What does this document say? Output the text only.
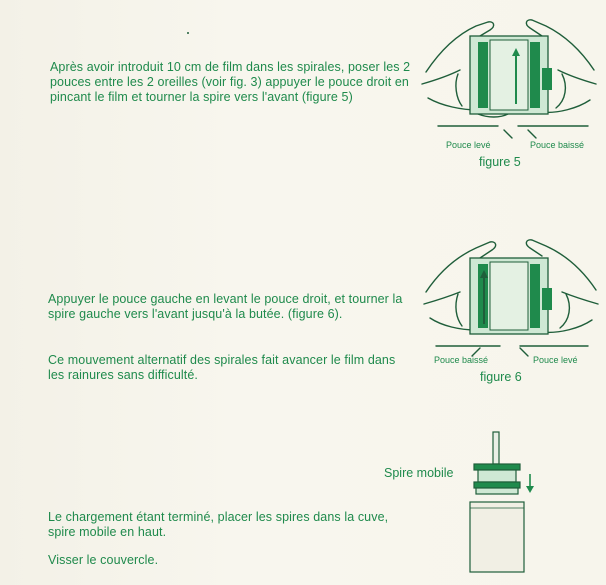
Après avoir introduit 10 cm de film dans les spirales, poser les 2 pouces entre les 2 oreilles (voir fig. 3) appuyer le pouce droit en pincant le film et tourner la spire vers l'avant (figure 5)
Appuyer le pouce gauche en levant le pouce droit, et tourner la spire gauche vers l'avant jusqu'à la butée. (figure 6).
Ce mouvement alternatif des spirales fait avancer le film dans les rainures sans difficulté.
Le chargement étant terminé, placer les spires dans la cuve, spire mobile en haut.
Visser le couvercle.
Pouce levé	Pouce baissé
figure 5
Pouce baissé	Pouce levé
figure 6
Spire mobile
